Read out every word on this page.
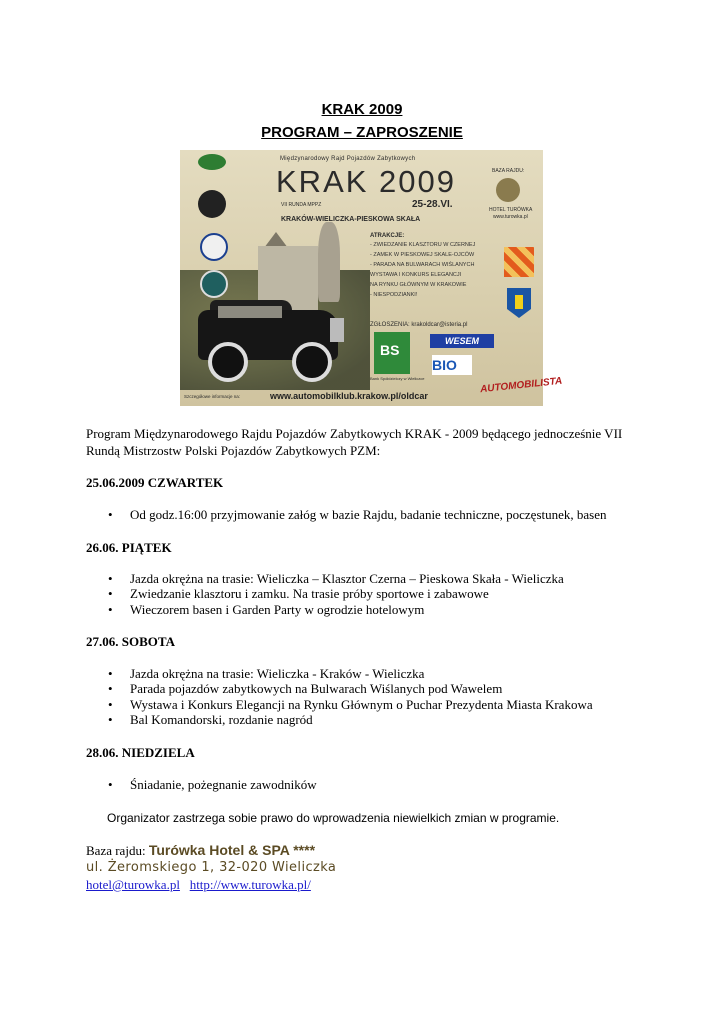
KRAK 2009
PROGRAM – ZAPROSZENIE
BS
WESEM
BIO
Międzynarodowy Rajd Pojazdów Zabytkowych
KRAK 2009
25-28.VI.
VII RUNDA MPPZ
KRAKÓW-WIELICZKA-PIESKOWA SKAŁA
BAZA RAJDU:
HOTEL TURÓWKA
www.turowka.pl
ATRAKCJE:
- ZWIEDZANIE KLASZTORU W CZERNEJ
- ZAMEK W PIESKOWEJ SKALE-OJCÓW
- PARADA NA BULWARACH WIŚLANYCH
WYSTAWA I KONKURS ELEGANCJI
NA RYNKU GŁÓWNYM W KRAKOWIE
- NIESPODZIANKI!
ZGŁOSZENIA: krakoldcar@isteria.pl
Bank Spółdzielczy w Wieliczce	AUTOMOBILISTA
Szczegółowe informacje na:	www.automobilklub.krakow.pl/oldcar
Program Międzynarodowego Rajdu Pojazdów Zabytkowych KRAK - 2009 będącego jednocześnie VII Rundą Mistrzostw Polski Pojazdów Zabytkowych PZM:
25.06.2009 CZWARTEK
• Od godz.16:00 przyjmowanie załóg w bazie Rajdu, badanie techniczne, poczęstunek, basen
26.06. PIĄTEK
• Jazda okrężna na trasie: Wieliczka – Klasztor Czerna – Pieskowa Skała - Wieliczka
• Zwiedzanie klasztoru i zamku. Na trasie próby sportowe i zabawowe
• Wieczorem basen i Garden Party w ogrodzie hotelowym
27.06. SOBOTA
• Jazda okrężna na trasie: Wieliczka - Kraków - Wieliczka
• Parada pojazdów zabytkowych na Bulwarach Wiślanych pod Wawelem
• Wystawa i Konkurs Elegancji na Rynku Głównym o Puchar Prezydenta Miasta Krakowa
• Bal Komandorski, rozdanie nagród
28.06. NIEDZIELA
• Śniadanie, pożegnanie zawodników
Organizator zastrzega sobie prawo do wprowadzenia niewielkich zmian w programie.
Baza rajdu: Turówka Hotel & SPA ****
ul. Żeromskiego 1, 32-020 Wieliczka
hotel@turowka.pl http://www.turowka.pl/
